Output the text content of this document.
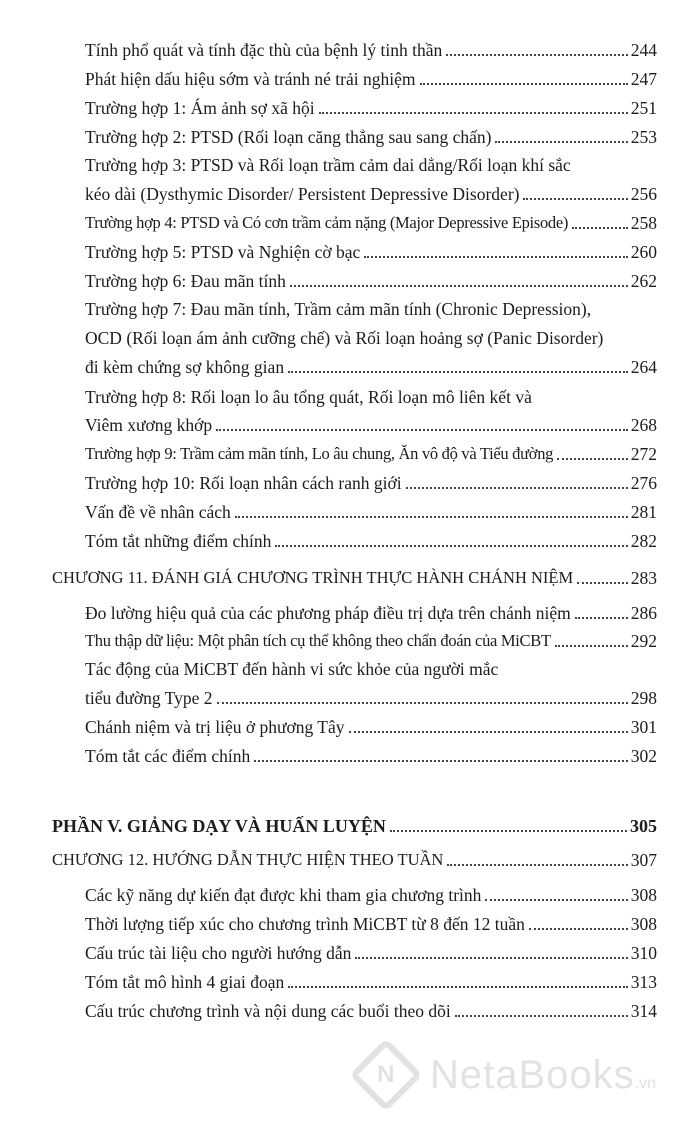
Tính phổ quát và tính đặc thù của bệnh lý tinh thần	244
Phát hiện dấu hiệu sớm và tránh né trải nghiệm	247
Trường hợp 1: Ám ảnh sợ xã hội	251
Trường hợp 2: PTSD (Rối loạn căng thẳng sau sang chấn)	253
Trường hợp 3: PTSD và Rối loạn trầm cảm dai dẳng/Rối loạn khí sắc
kéo dài (Dysthymic Disorder/ Persistent Depressive Disorder)	256
Trường hợp 4: PTSD và Có cơn trầm cảm nặng (Major Depressive Episode)	258
Trường hợp 5: PTSD và Nghiện cờ bạc	260
Trường hợp 6: Đau mãn tính	262
Trường hợp 7: Đau mãn tính, Trầm cảm mãn tính (Chronic Depression),
OCD (Rối loạn ám ảnh cưỡng chế) và Rối loạn hoảng sợ (Panic Disorder)
đi kèm chứng sợ không gian	264
Trường hợp 8: Rối loạn lo âu tổng quát, Rối loạn mô liên kết và
Viêm xương khớp	268
Trường hợp 9: Trầm cảm mãn tính, Lo âu chung, Ăn vô độ và Tiểu đường	272
Trường hợp 10: Rối loạn nhân cách ranh giới	276
Vấn đề về nhân cách	281
Tóm tắt những điểm chính	282
CHƯƠNG 11. ĐÁNH GIÁ CHƯƠNG TRÌNH THỰC HÀNH CHÁNH NIỆM	283
Đo lường hiệu quả của các phương pháp điều trị dựa trên chánh niệm	286
Thu thập dữ liệu: Một phân tích cụ thể không theo chẩn đoán của MiCBT	292
Tác động của MiCBT đến hành vi sức khỏe của người mắc
tiểu đường Type 2	298
Chánh niệm và trị liệu ở phương Tây	301
Tóm tắt các điểm chính	302
PHẦN V. GIẢNG DẠY VÀ HUẤN LUYỆN	305
CHƯƠNG 12. HƯỚNG DẪN THỰC HIỆN THEO TUẦN	307
Các kỹ năng dự kiến đạt được khi tham gia chương trình	308
Thời lượng tiếp xúc cho chương trình MiCBT từ 8 đến 12 tuần	308
Cấu trúc tài liệu cho người hướng dẫn	310
Tóm tắt mô hình 4 giai đoạn	313
Cấu trúc chương trình và nội dung các buổi theo dõi	314
N NetaBooks .vn
